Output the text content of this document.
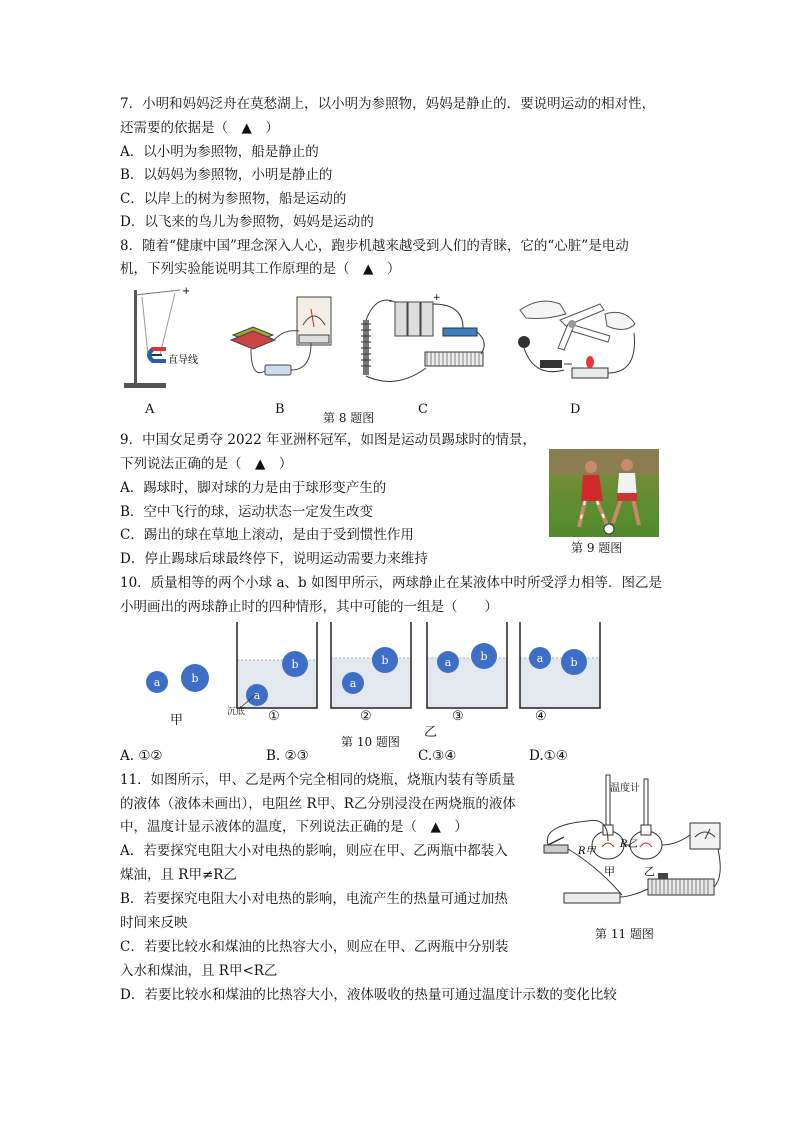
7．小明和妈妈泛舟在莫愁湖上，以小明为参照物，妈妈是静止的．要说明运动的相对性，
还需要的依据是（　▲　）
A．以小明为参照物，船是静止的
B．以妈妈为参照物，小明是静止的
C．以岸上的树为参照物，船是运动的
D．以飞来的鸟儿为参照物，妈妈是运动的
8．随着“健康中国”理念深入人心，跑步机越来越受到人们的青睐，它的“心脏”是电动
机，下列实验能说明其工作原理的是（　▲　）
+
直导线
A	B
-	+
C	D
第 8 题图
9．中国女足勇夺 2022 年亚洲杯冠军，如图是运动员踢球时的情景，
下列说法正确的是（　▲　）
A．踢球时，脚对球的力是由于球形变产生的
B．空中飞行的球，运动状态一定发生改变
C．踢出的球在草地上滚动，是由于受到惯性作用
D．停止踢球后球最终停下，说明运动需要力来维持
第 9 题图
10．质量相等的两个小球 a、b 如图甲所示，两球静止在某液体中时所受浮力相等．图乙是
小明画出的两球静止时的四种情形，其中可能的一组是（　　）
a	b
甲
b
a
沉底 ①
b
a
②
a	b
乙
③
a b
④
第 10 题图
A. ①②	B. ②③	C.③④	D.①④
11．如图所示，甲、乙是两个完全相同的烧瓶，烧瓶内装有等质量
的液体（液体未画出），电阻丝 R甲、R乙分别浸没在两烧瓶的液体
中，温度计显示液体的温度，下列说法正确的是（　▲　）
A．若要探究电阻大小对电热的影响，则应在甲、乙两瓶中都装入
煤油，且 R甲≠R乙
B．若要探究电阻大小对电热的影响，电流产生的热量可通过加热
时间来反映
C．若要比较水和煤油的比热容大小，则应在甲、乙两瓶中分别装
入水和煤油，且 R甲<R乙
D．若要比较水和煤油的比热容大小，液体吸收的热量可通过温度计示数的变化比较
温度计
R甲
R乙
甲	乙
第 11 题图
